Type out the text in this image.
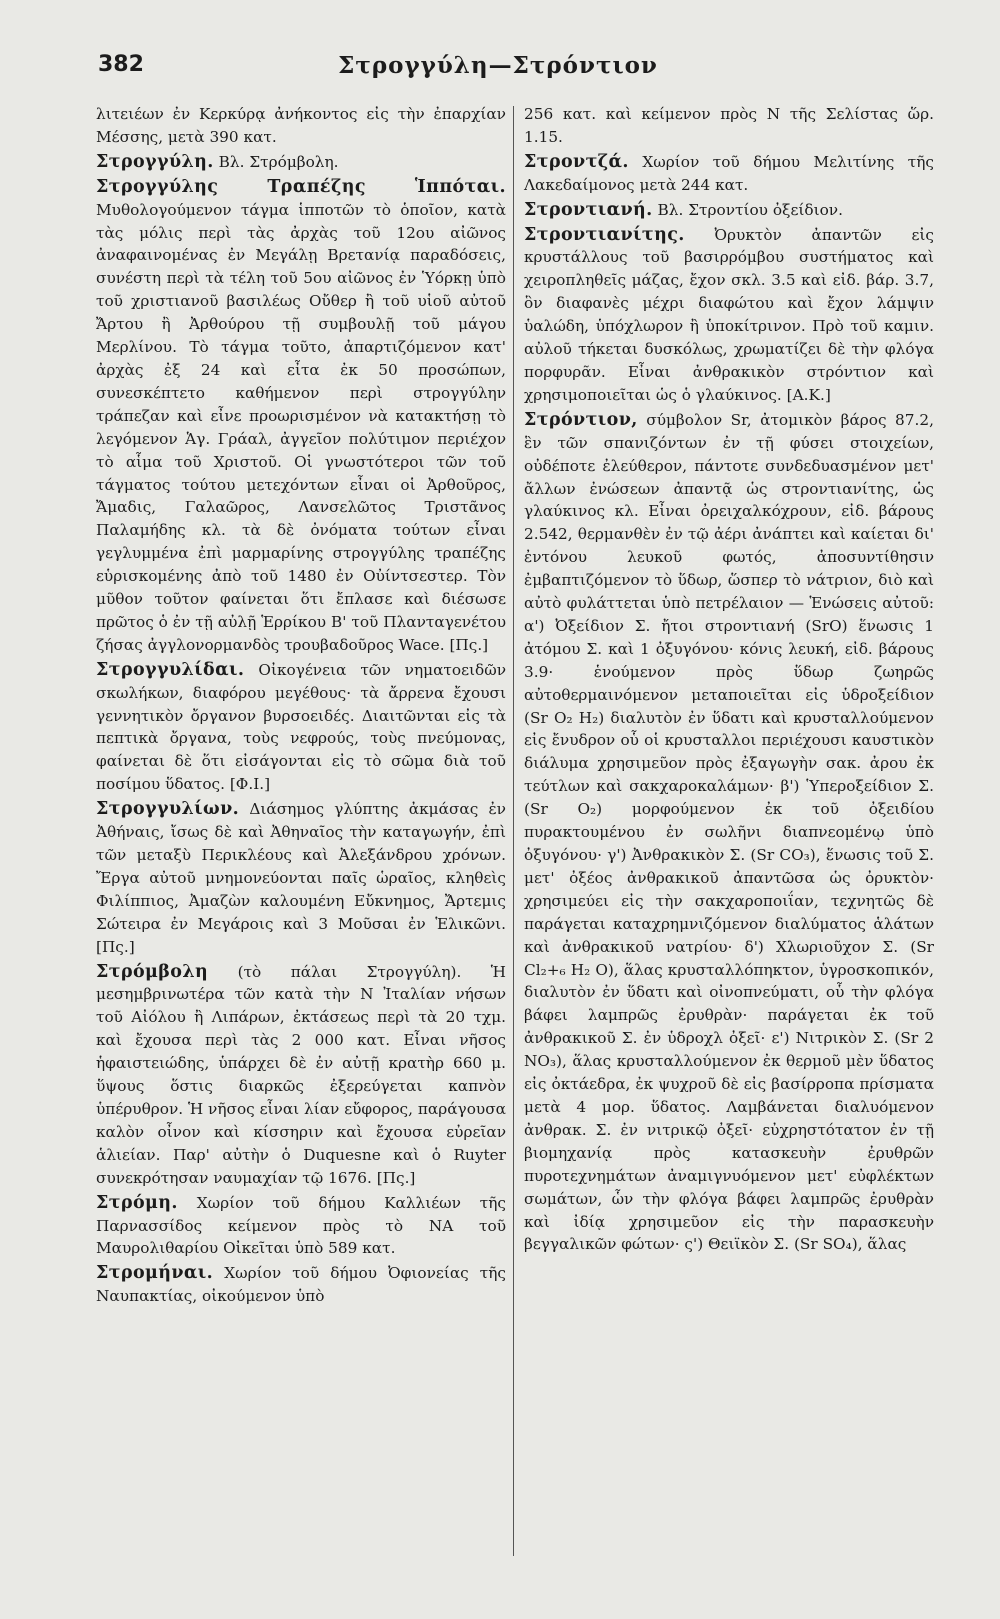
382	Στρογγύλη—Στρόντιον

λιτειέων ἐν Κερκύρᾳ ἀνήκοντος εἰς τὴν ἐπαρχίαν Μέσσης, μετὰ 390 κατ.

Στρογγύλη. Βλ. Στρόμβολη.

Στρογγύλης Τραπέζης Ἱππόται. Μυθολογούμενον τάγμα ἱπποτῶν τὸ ὁποῖον, κατὰ τὰς μόλις περὶ τὰς ἀρχὰς τοῦ 12ου αἰῶνος ἀναφαινομένας ἐν Μεγάλῃ Βρετανίᾳ παραδόσεις, συνέστη περὶ τὰ τέλη τοῦ 5ου αἰῶνος ἐν Ὑόρκῃ ὑπὸ τοῦ χριστιανοῦ βασιλέως Οὔθερ ἢ τοῦ υἱοῦ αὐτοῦ Ἄρτου ἢ Ἀρθούρου τῇ συμβουλῇ τοῦ μάγου Μερλίνου. Τὸ τάγμα τοῦτο, ἀπαρτιζόμενον κατ' ἀρχὰς ἐξ 24 καὶ εἶτα ἐκ 50 προσώπων, συνεσκέπτετο καθήμενον περὶ στρογγύλην τράπεζαν καὶ εἶνε προωρισμένον νὰ κατακτήσῃ τὸ λεγόμενον Ἁγ. Γράαλ, ἀγγεῖον πολύτιμον περιέχον τὸ αἷμα τοῦ Χριστοῦ. Οἱ γνωστότεροι τῶν τοῦ τάγματος τούτου μετεχόντων εἶναι οἱ Ἀρθοῦρος, Ἄμαδις, Γαλαῶρος, Λανσελῶτος Τριστᾶνος Παλαμήδης κλ. τὰ δὲ ὀνόματα τούτων εἶναι γεγλυμμένα ἐπὶ μαρμαρίνης στρογγύλης τραπέζης εὑρισκομένης ἀπὸ τοῦ 1480 ἐν Οὐίντσεστερ. Τὸν μῦθον τοῦτον φαίνεται ὅτι ἔπλασε καὶ διέσωσε πρῶτος ὁ ἐν τῇ αὐλῇ Ἑρρίκου Β' τοῦ Πλανταγενέτου ζήσας ἀγγλονορμανδὸς τρουβαδοῦρος Wace. [Πς.]

Στρογγυλίδαι. Οἰκογένεια τῶν νηματοειδῶν σκωλήκων, διαφόρου μεγέθους· τὰ ἄρρενα ἔχουσι γεννητικὸν ὄργανον βυρσοειδές. Διαιτῶνται εἰς τὰ πεπτικὰ ὄργανα, τοὺς νεφρούς, τοὺς πνεύμονας, φαίνεται δὲ ὅτι εἰσάγονται εἰς τὸ σῶμα διὰ τοῦ ποσίμου ὕδατος. [Φ.Ι.]

Στρογγυλίων. Διάσημος γλύπτης ἀκμάσας ἐν Ἀθήναις, ἴσως δὲ καὶ Ἀθηναῖος τὴν καταγωγήν, ἐπὶ τῶν μεταξὺ Περικλέους καὶ Ἀλεξάνδρου χρόνων. Ἔργα αὐτοῦ μνημονεύονται παῖς ὡραῖος, κληθεὶς Φιλίππιος, Ἀμαζὼν καλουμένη Εὔκνημος, Ἄρτεμις Σώτειρα ἐν Μεγάροις καὶ 3 Μοῦσαι ἐν Ἑλικῶνι. [Πς.]

Στρόμβολη (τὸ πάλαι Στρογγύλη). Ἡ μεσημβρινωτέρα τῶν κατὰ τὴν Ν Ἰταλίαν νήσων τοῦ Αἰόλου ἢ Λιπάρων, ἐκτάσεως περὶ τὰ 20 τχμ. καὶ ἔχουσα περὶ τὰς 2 000 κατ. Εἶναι νῆσος ἡφαιστειώδης, ὑπάρχει δὲ ἐν αὐτῇ κρατὴρ 660 μ. ὕψους ὅστις διαρκῶς ἐξερεύγεται καπνὸν ὑπέρυθρον. Ἡ νῆσος εἶναι λίαν εὔφορος, παράγουσα καλὸν οἶνον καὶ κίσσηριν καὶ ἔχουσα εὐρεῖαν ἁλιείαν. Παρ' αὐτὴν ὁ Duquesne καὶ ὁ Ruyter συνεκρότησαν ναυμαχίαν τῷ 1676. [Πς.]

Στρόμη. Χωρίον τοῦ δήμου Καλλιέων τῆς Παρνασσίδος κείμενον πρὸς τὸ ΝΑ τοῦ Μαυρολιθαρίου Οἰκεῖται ὑπὸ 589 κατ.

Στρομήναι. Χωρίον τοῦ δήμου Ὀφιονείας τῆς Ναυπακτίας, οἰκούμενον ὑπὸ

256 κατ. καὶ κείμενον πρὸς Ν τῆς Σελίστας ὥρ. 1.15.

Στροντζά. Χωρίον τοῦ δήμου Μελιτίνης τῆς Λακεδαίμονος μετὰ 244 κατ.

Στροντιανή. Βλ. Στροντίου ὀξείδιον.

Στροντιανίτης. Ὀρυκτὸν ἀπαντῶν εἰς κρυστάλλους τοῦ βασιρρόμβου συστήματος καὶ χειροπληθεῖς μάζας, ἔχον σκλ. 3.5 καὶ εἰδ. βάρ. 3.7, ὃν διαφανὲς μέχρι διαφώτου καὶ ἔχον λάμψιν ὑαλώδη, ὑπόχλωρον ἢ ὑποκίτρινον. Πρὸ τοῦ καμιν. αὐλοῦ τήκεται δυσκόλως, χρωματίζει δὲ τὴν φλόγα πορφυρᾶν. Εἶναι ἀνθρακικὸν στρόντιον καὶ χρησιμοποιεῖται ὡς ὁ γλαύκινος. [Α.Κ.]

Στρόντιον, σύμβολον Sr, ἀτομικὸν βάρος 87.2, ἓν τῶν σπανιζόντων ἐν τῇ φύσει στοιχείων, οὐδέποτε ἐλεύθερον, πάντοτε συνδεδυασμένον μετ' ἄλλων ἐνώσεων ἀπαντᾷ ὡς στροντιανίτης, ὡς γλαύκινος κλ. Εἶναι ὀρειχαλκόχρουν, εἰδ. βάρους 2.542, θερμανθὲν ἐν τῷ ἀέρι ἀνάπτει καὶ καίεται δι' ἐντόνου λευκοῦ φωτός, ἀποσυντίθησιν ἐμβαπτιζόμενον τὸ ὕδωρ, ὥσπερ τὸ νάτριον, διὸ καὶ αὐτὸ φυλάττεται ὑπὸ πετρέλαιον — Ἑνώσεις αὐτοῦ: α') Ὀξείδιον Σ. ἤτοι στροντιανή (SrO) ἕνωσις 1 ἀτόμου Σ. καὶ 1 ὀξυγόνου· κόνις λευκή, εἰδ. βάρους 3.9· ἑνούμενον πρὸς ὕδωρ ζωηρῶς αὐτοθερμαινόμενον μεταποιεῖται εἰς ὑδροξείδιον (Sr O₂ H₂) διαλυτὸν ἐν ὕδατι καὶ κρυσταλλούμενον εἰς ἔνυδρον οὗ οἱ κρυσταλλοι περιέχουσι καυστικὸν διάλυμα χρησιμεῦον πρὸς ἐξαγωγὴν σακ. ἀρου ἐκ τεύτλων καὶ σακχαροκαλάμων· β') Ὑπεροξείδιον Σ. (Sr O₂) μορφούμενον ἐκ τοῦ ὀξειδίου πυρακτουμένου ἐν σωλῆνι διαπνεομένῳ ὑπὸ ὀξυγόνου· γ') Ἀνθρακικὸν Σ. (Sr CO₃), ἕνωσις τοῦ Σ. μετ' ὀξέος ἀνθρακικοῦ ἀπαντῶσα ὡς ὀρυκτὸν· χρησιμεύει εἰς τὴν σακχαροποιΐαν, τεχνητῶς δὲ παράγεται καταχρημνιζόμενον διαλύματος ἁλάτων καὶ ἀνθρακικοῦ νατρίου· δ') Χλωριοῦχον Σ. (Sr Cl₂+₆ H₂ O), ἅλας κρυσταλλόπηκτον, ὑγροσκοπικόν, διαλυτὸν ἐν ὕδατι καὶ οἰνοπνεύματι, οὗ τὴν φλόγα βάφει λαμπρῶς ἐρυθρὰν· παράγεται ἐκ τοῦ ἀνθρακικοῦ Σ. ἐν ὑδροχλ ὀξεῖ· ε') Νιτρικὸν Σ. (Sr 2 NO₃), ἅλας κρυσταλλούμενον ἐκ θερμοῦ μὲν ὕδατος εἰς ὀκτάεδρα, ἐκ ψυχροῦ δὲ εἰς βασίρροπα πρίσματα μετὰ 4 μορ. ὕδατος. Λαμβάνεται διαλυόμενον ἀνθρακ. Σ. ἐν νιτρικῷ ὀξεῖ· εὐχρηστότατον ἐν τῇ βιομηχανίᾳ πρὸς κατασκευὴν ἐρυθρῶν πυροτεχνημάτων ἀναμιγνυόμενον μετ' εὐφλέκτων σωμάτων, ὧν τὴν φλόγα βάφει λαμπρῶς ἐρυθρὰν καὶ ἰδίᾳ χρησιμεῦον εἰς τὴν παρασκευὴν βεγγαλικῶν φώτων· ς') Θειϊκὸν Σ. (Sr SO₄), ἅλας
